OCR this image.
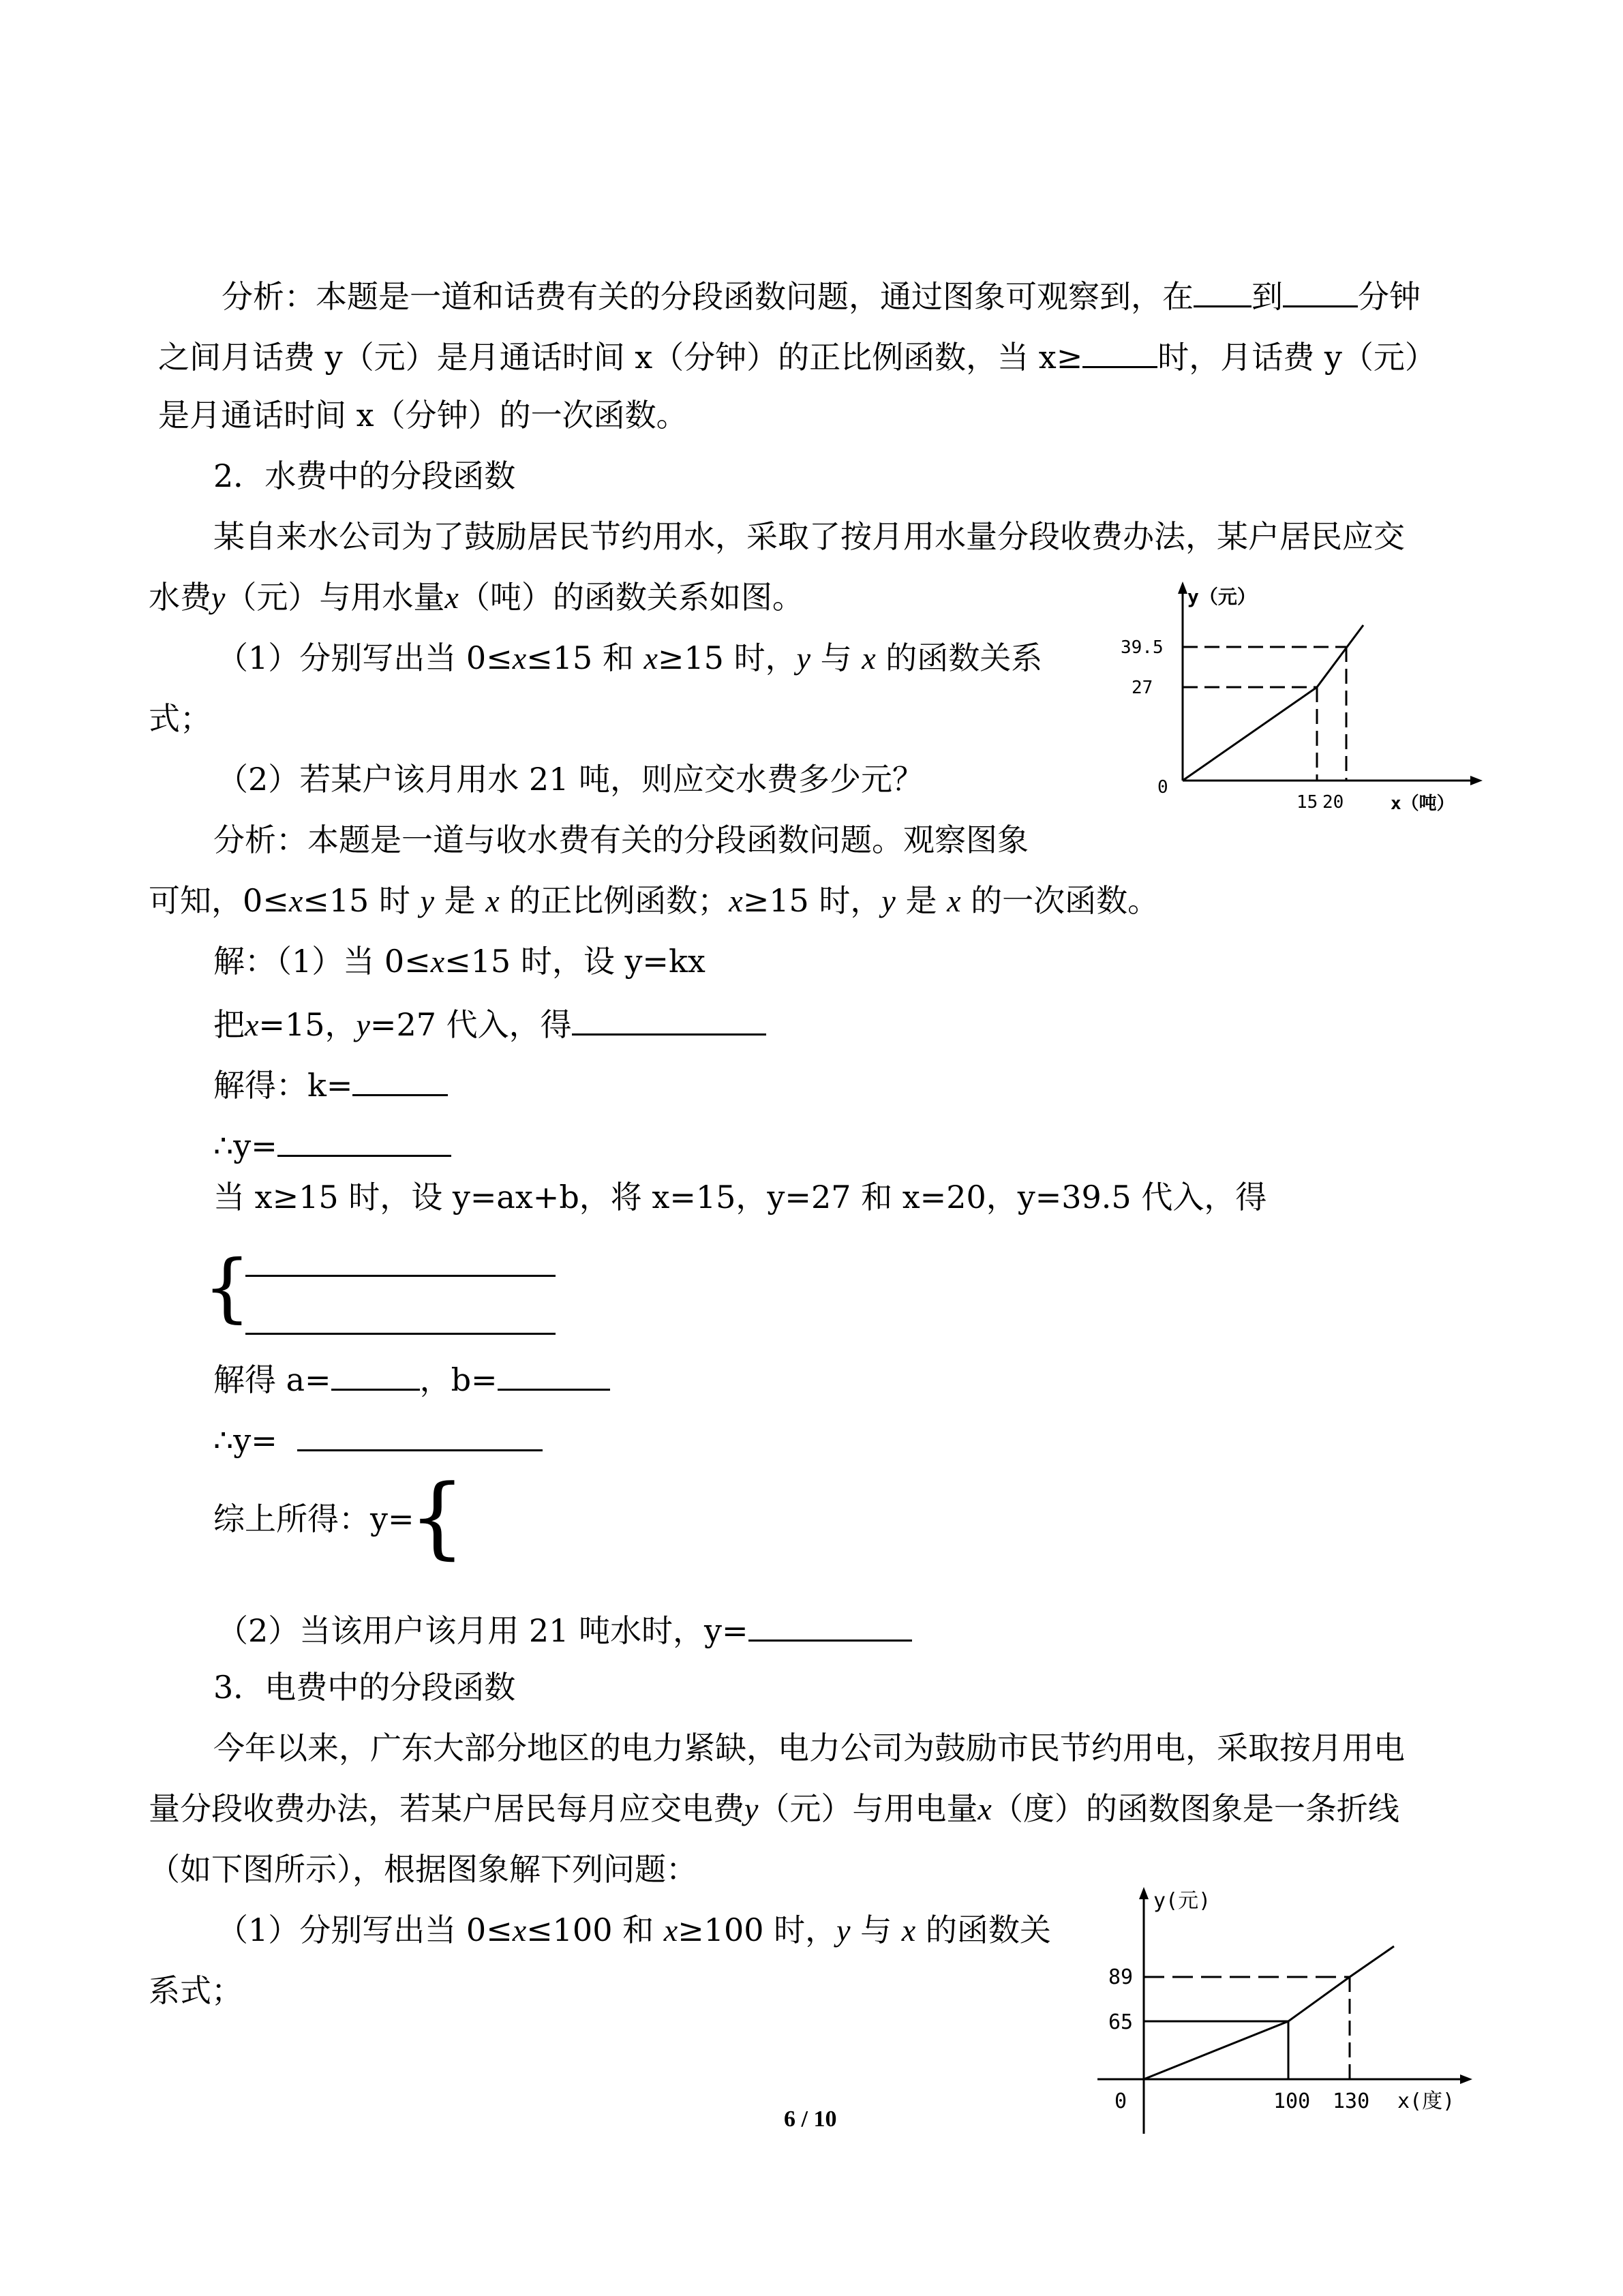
分析：本题是一道和话费有关的分段函数问题，通过图象可观察到，在 到 分钟
之间月话费 y（元）是月通话时间 x（分钟）的正比例函数，当 x≥ 时，月话费 y（元）
是月通话时间 x（分钟）的一次函数。
2．水费中的分段函数
某自来水公司为了鼓励居民节约用水，采取了按月用水量分段收费办法，某户居民应交
水费y（元）与用水量x（吨）的函数关系如图。
（1）分别写出当 0≤x≤15 和 x≥15 时，y 与 x 的函数关系
式；
（2）若某户该月用水 21 吨，则应交水费多少元？
分析：本题是一道与收水费有关的分段函数问题。观察图象
可知，0≤x≤15 时 y 是 x 的正比例函数；x≥15 时，y 是 x 的一次函数。
解：（1）当 0≤x≤15 时，设 y=kx
把x=15，y=27 代入，得
解得：k=
∴y=
当 x≥15 时，设 y=ax+b，将 x=15，y=27 和 x=20，y=39.5 代入，得
{
解得 a=	，b=
∴y=
综上所得：y=
{
（2）当该用户该月用 21 吨水时，y=
3．电费中的分段函数
今年以来，广东大部分地区的电力紧缺，电力公司为鼓励市民节约用电，采取按月用电
量分段收费办法，若某户居民每月应交电费y（元）与用电量x（度）的函数图象是一条折线
（如下图所示），根据图象解下列问题：
（1）分别写出当 0≤x≤100 和 x≥100 时，y 与 x 的函数关
系式；
y（元）
x（吨）
0
39.5
27
15 20
y(元)
x(度)
0
89
65
100 130
6 / 10
